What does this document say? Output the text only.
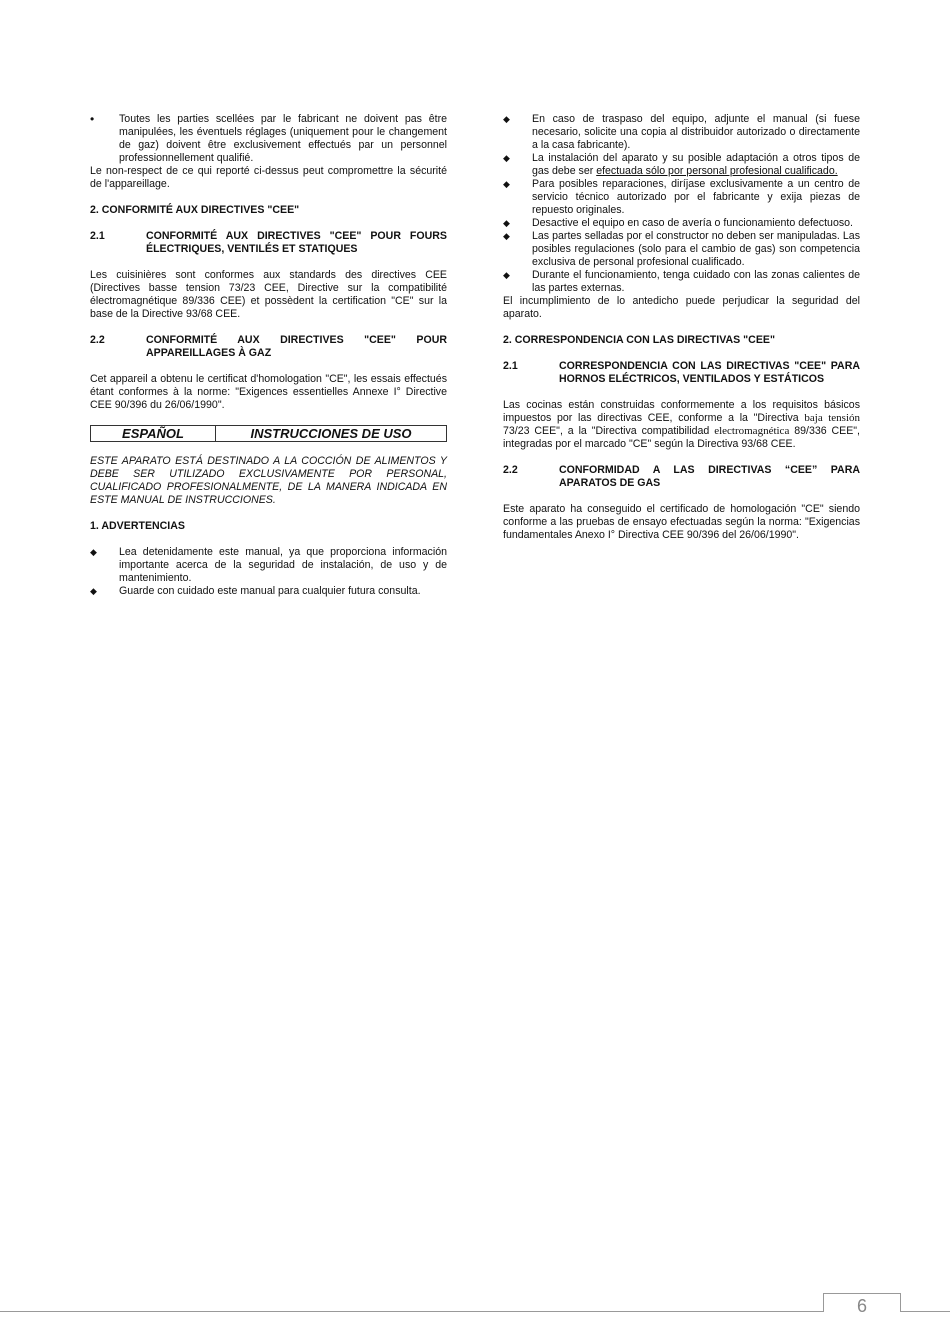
•	Toutes les parties scellées par le fabricant ne doivent pas être manipulées, les éventuels réglages (uniquement pour le changement de gaz) doivent être exclusivement effectués par un personnel professionnellement qualifié.

Le non-respect de ce qui reporté ci-dessus peut compromettre la sécurité de l'appareillage.

2. CONFORMITÉ AUX DIRECTIVES "CEE"

2.1	CONFORMITÉ AUX DIRECTIVES "CEE" POUR FOURS ÉLECTRIQUES, VENTILÉS ET STATIQUES

Les cuisinières sont conformes aux standards des directives CEE (Directives basse tension 73/23 CEE, Directive sur la compatibilité électromagnétique 89/336 CEE) et possèdent la certification "CE" sur la base de la Directive 93/68 CEE.

2.2	CONFORMITÉ AUX DIRECTIVES "CEE" POUR APPAREILLAGES À GAZ

Cet appareil a obtenu le certificat d'homologation "CE", les essais effectués étant conformes à la norme: "Exigences essentielles Annexe I° Directive CEE 90/396 du 26/06/1990".

ESPAÑOL	INSTRUCCIONES DE USO

ESTE APARATO ESTÁ DESTINADO A LA COCCIÓN DE ALIMENTOS Y DEBE SER UTILIZADO EXCLUSIVAMENTE POR PERSONAL, CUALIFICADO PROFESIONALMENTE, DE LA MANERA INDICADA EN ESTE MANUAL DE INSTRUCCIONES.

1. ADVERTENCIAS

◆	Lea detenidamente este manual, ya que proporciona información importante acerca de la seguridad de instalación, de uso y de mantenimiento.
◆	Guarde con cuidado este manual para cualquier futura consulta.
◆	En caso de traspaso del equipo, adjunte el manual (si fuese necesario, solicite una copia al distribuidor autorizado o directamente a la casa fabricante).
◆	La instalación del aparato y su posible adaptación a otros tipos de gas debe ser efectuada sólo por personal profesional cualificado.
◆	Para posibles reparaciones, diríjase exclusivamente a un centro de servicio técnico autorizado por el fabricante y exija piezas de repuesto originales.
◆	Desactive el equipo en caso de avería o funcionamiento defectuoso.
◆	Las partes selladas por el constructor no deben ser manipuladas. Las posibles regulaciones (solo para el cambio de gas) son competencia exclusiva de personal profesional cualificado.
◆	Durante el funcionamiento, tenga cuidado con las zonas calientes de las partes externas.

El incumplimiento de lo antedicho puede perjudicar la seguridad del aparato.

2. CORRESPONDENCIA CON LAS DIRECTIVAS "CEE"

2.1	CORRESPONDENCIA CON LAS DIRECTIVAS "CEE" PARA HORNOS ELÉCTRICOS, VENTILADOS Y ESTÁTICOS

Las cocinas están construidas conformemente a los requisitos básicos impuestos por las directivas CEE, conforme a la "Directiva baja tensión 73/23 CEE", a la "Directiva compatibilidad electromagnética 89/336 CEE", integradas por el marcado "CE" según la Directiva 93/68 CEE.

2.2	CONFORMIDAD A LAS DIRECTIVAS “CEE” PARA APARATOS DE GAS

Este aparato ha conseguido el certificado de homologación "CE" siendo conforme a las pruebas de ensayo efectuadas según la norma: "Exigencias fundamentales Anexo I° Directiva CEE 90/396 del 26/06/1990".

6
